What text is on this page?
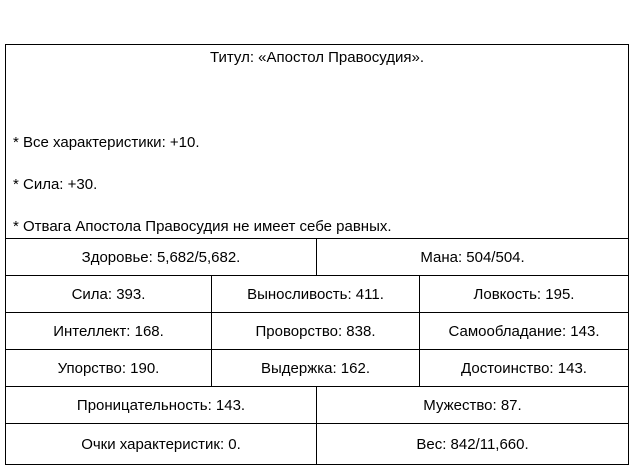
Титул: «Апостол Правосудия».
* Все характеристики: +10.
* Сила: +30.
* Отвага Апостола Правосудия не имеет себе равных.
Здоровье: 5,682/5,682.	Мана: 504/504.
Сила: 393.	Выносливость: 411.	Ловкость: 195.
Интеллект: 168.	Проворство: 838.	Самообладание: 143.
Упорство: 190.	Выдержка: 162.	Достоинство: 143.
Проницательность: 143.	Мужество: 87.
Очки характеристик: 0.	Вес: 842/11,660.
